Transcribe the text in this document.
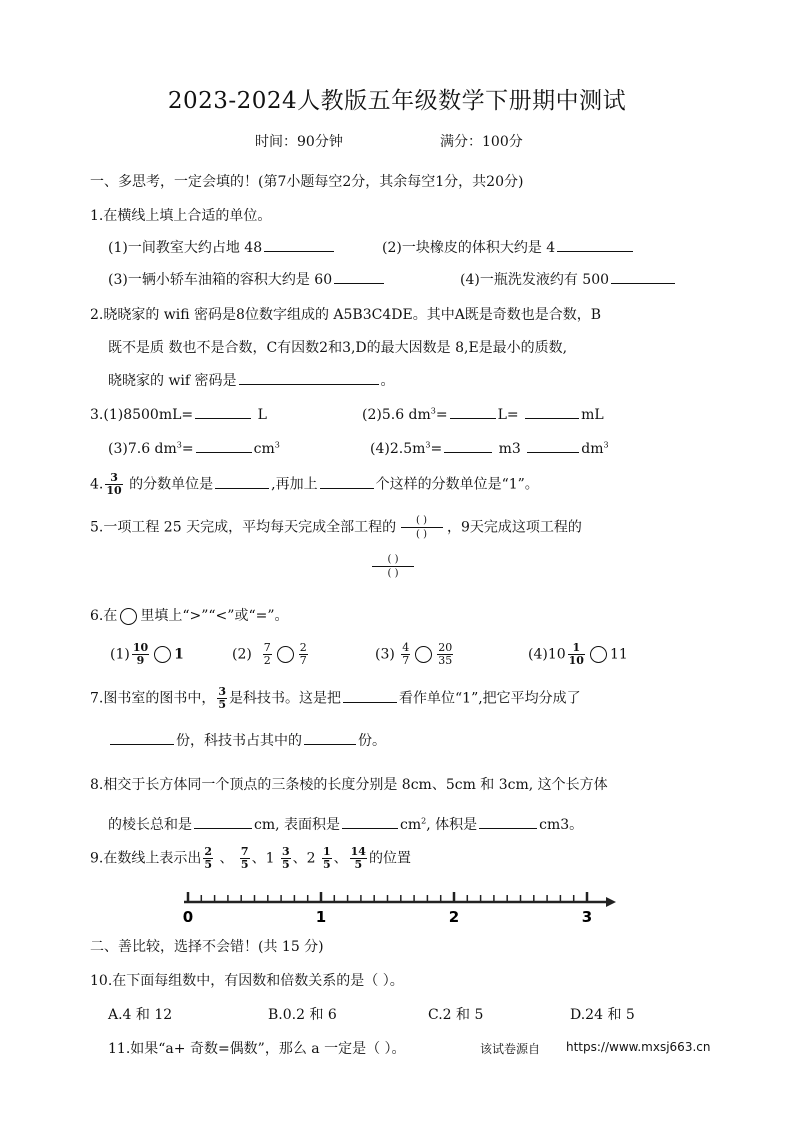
2023-2024人教版五年级数学下册期中测试
时间：90分钟	满分：100分
一、多思考，一定会填的！(第7小题每空2分，其余每空1分，共20分)
1.在横线上填上合适的单位。
(1)一间教室大约占地 48	(2)一块橡皮的体积大约是 4
(3)一辆小轿车油箱的容积大约是 60	(4)一瓶洗发液约有 500
2.晓晓家的 wifi 密码是8位数字组成的 A5B3C4DE。其中A既是奇数也是合数，B
既不是质 数也不是合数，C有因数2和3,D的最大因数是 8,E是最小的质数,
晓晓家的 wif 密码是	。
3.(1)8500mL=	L	(2)5.6 $dm^3=$	L=	mL
(3)7.6 $dm^3=$	$cm^3$	$(4)2.5m^3=$	m3	$dm^3$
4. $\frac{3}{10}$ 的分数单位是	,再加上	个这样的分数单位是“1”。
5.一项工程 25 天完成，平均每天完成全部工程的	( )
( ) ，9天完成这项工程的
( )
( )
6.在 里填上“>”“<”或“=”。
$(1) \frac{10}{9} 1$	$(2) \frac{7}{2} \frac{2}{7}$	$(3) \frac{4}{7} \frac{20}{35}$	$(4)10 \frac{1}{10} 11$
7.图书室的图书中， $\frac{3}{5}$ 是科技书。这是把	看作单位“1”,把它平均分成了
份，科技书占其中的	份。
8.相交于长方体同一个顶点的三条棱的长度分别是 8cm、5cm 和 3cm, 这个长方体
的棱长总和是	cm, 表面积是	$cm^2$, 体积是	cm3。
9.在数线上表示出 $\frac{2}{5}$ 、 $\frac{7}{5}$ 、$1 \frac{3}{5}$ 、$2 \frac{1}{5}$ 、 $\frac{14}{5}$ 的位置
0	1	2	3
二、善比较，选择不会错！(共 15 分)
10.在下面每组数中，有因数和倍数关系的是（ ）。
A.4 和 12	B.0.2 和 6	C.2 和 5	D.24 和 5
11.如果“a+ 奇数=偶数”，那么 a 一定是（ ）。	该试卷源自 https://www.mxsj663.cn
